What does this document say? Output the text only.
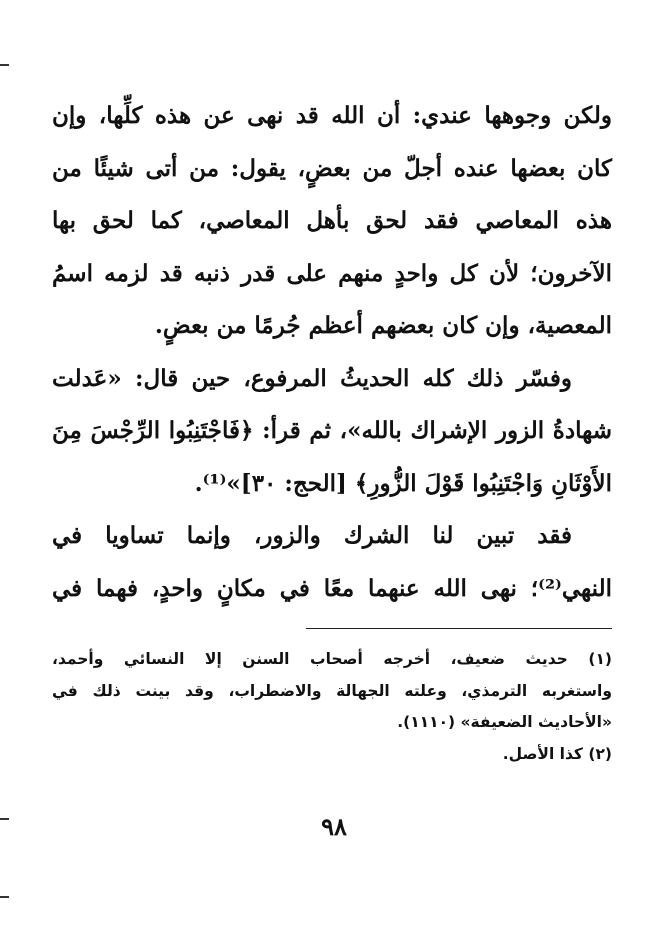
ولكن وجوهها عندي: أن الله قد نهى عن هذه كلِّها، وإن
كان بعضها عنده أجلّ من بعضٍ، يقول: من أتى شيئًا من
هذه المعاصي فقد لحق بأهل المعاصي، كما لحق بها
الآخرون؛ لأن كل واحدٍ منهم على قدر ذنبه قد لزمه اسمُ
المعصية، وإن كان بعضهم أعظم جُرمًا من بعضٍ.
وفسّر ذلك كله الحديثُ المرفوع، حين قال: «عَدلت
شهادةُ الزور الإشراك بالله»، ثم قرأ: ﴿فَاجْتَنِبُوا الرِّجْسَ مِنَ
الأَوْثَانِ وَاجْتَنِبُوا قَوْلَ الزُّورِ﴾ [الحج: ٣٠]»⁽¹⁾.
فقد تبين لنا الشرك والزور، وإنما تساويا في
النهي⁽²⁾؛ نهى الله عنهما معًا في مكانٍ واحدٍ، فهما في
(١) حديث ضعيف، أخرجه أصحاب السنن إلا النسائي وأحمد،
واستغربه الترمذي، وعلته الجهالة والاضطراب، وقد بينت ذلك في
«الأحاديث الضعيفة» (١١١٠).
(٢) كذا الأصل.
٩٨
